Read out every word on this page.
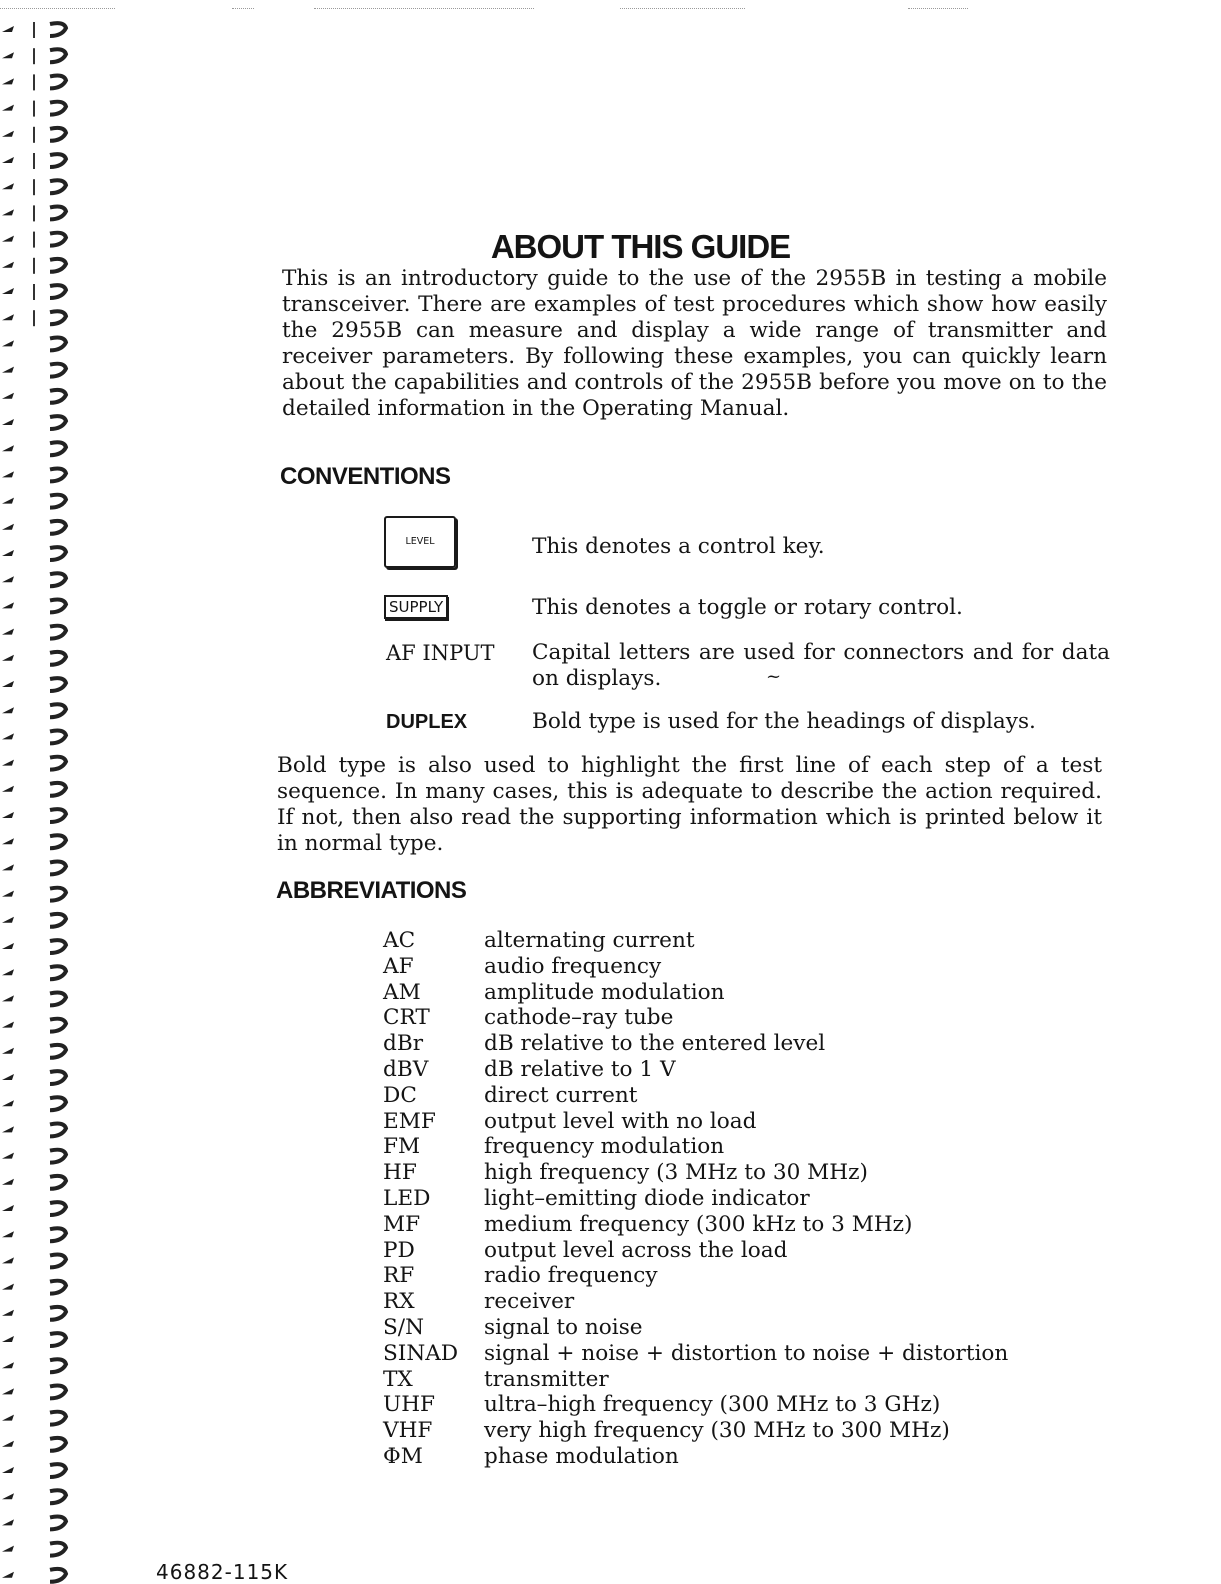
ABOUT THIS GUIDE

This is an introductory guide to the use of the 2955B in testing a mobile transceiver. There are examples of test procedures which show how easily the 2955B can measure and display a wide range of transmitter and receiver parameters. By following these examples, you can quickly learn about the capabilities and controls of the 2955B before you move on to the detailed information in the Operating Manual.

CONVENTIONS
LEVEL	This denotes a control key.
SUPPLY	This denotes a toggle or rotary control.
AF INPUT Capital letters are used for connectors and for data on displays.	~
DUPLEX	Bold type is used for the headings of displays.

Bold type is also used to highlight the first line of each step of a test sequence. In many cases, this is adequate to describe the action required. If not, then also read the supporting information which is printed below it in normal type.

ABBREVIATIONS
AC	alternating current
AF	audio frequency
AM	amplitude modulation
CRT	cathode–ray tube
dBr	dB relative to the entered level
dBV	dB relative to 1 V
DC	direct current
EMF output level with no load
FM	frequency modulation
HF	high frequency (3 MHz to 30 MHz)
LED light–emitting diode indicator
MF	medium frequency (300 kHz to 3 MHz)
PD	output level across the load
RF	radio frequency
RX	receiver
S/N	signal to noise
SINAD signal + noise + distortion to noise + distortion
TX	transmitter
UHF ultra–high frequency (300 MHz to 3 GHz)
VHF very high frequency (30 MHz to 300 MHz)
ΦM	phase modulation
46882-115K
